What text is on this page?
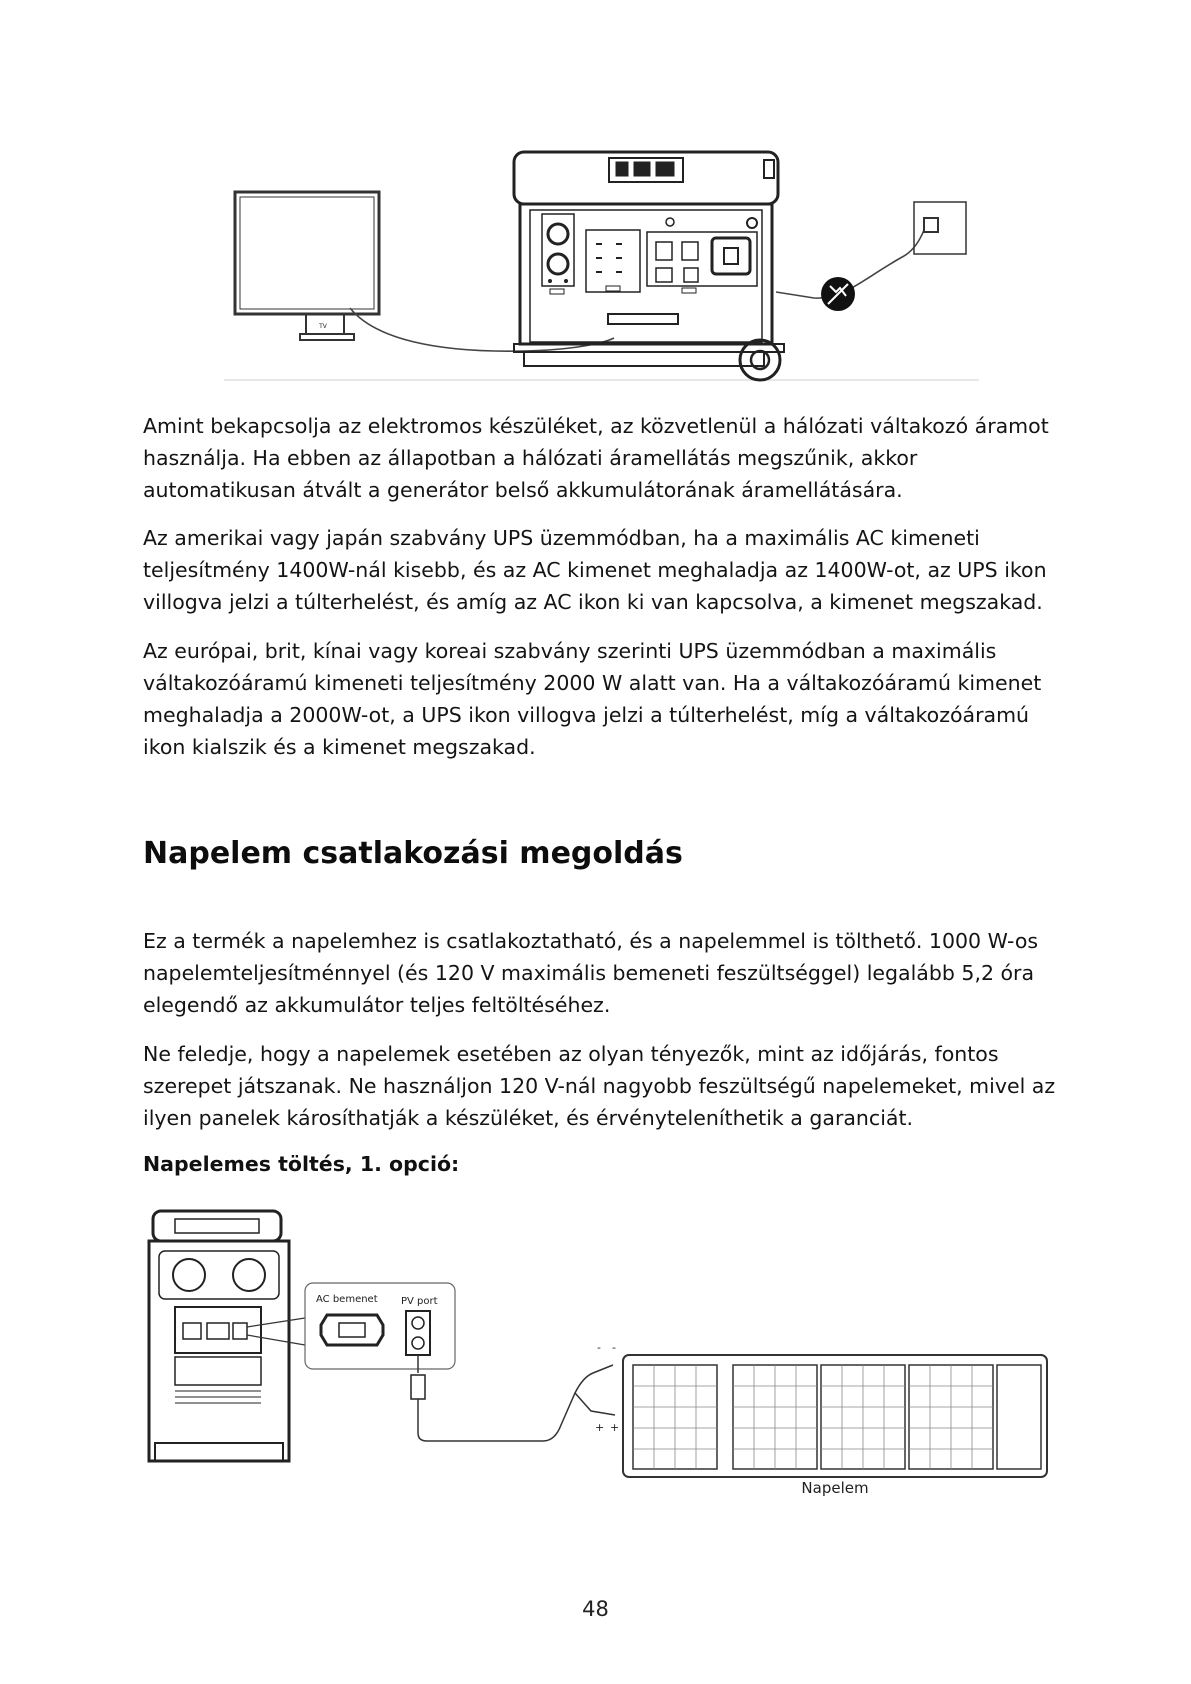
TV

Amint bekapcsolja az elektromos készüléket, az közvetlenül a hálózati váltakozó áramot használja. Ha ebben az állapotban a hálózati áramellátás megszűnik, akkor automatikusan átvált a generátor belső akkumulátorának áramellátására.

Az amerikai vagy japán szabvány UPS üzemmódban, ha a maximális AC kimeneti teljesítmény 1400W-nál kisebb, és az AC kimenet meghaladja az 1400W-ot, az UPS ikon villogva jelzi a túlterhelést, és amíg az AC ikon ki van kapcsolva, a kimenet megszakad.

Az európai, brit, kínai vagy koreai szabvány szerinti UPS üzemmódban a maximális váltakozóáramú kimeneti teljesítmény 2000 W alatt van. Ha a váltakozóáramú kimenet meghaladja a 2000W-ot, a UPS ikon villogva jelzi a túlterhelést, míg a váltakozóáramú ikon kialszik és a kimenet megszakad.

Napelem csatlakozási megoldás

Ez a termék a napelemhez is csatlakoztatható, és a napelemmel is tölthető. 1000 W-os napelemteljesítménnyel (és 120 V maximális bemeneti feszültséggel) legalább 5,2 óra elegendő az akkumulátor teljes feltöltéséhez.

Ne feledje, hogy a napelemek esetében az olyan tényezők, mint az időjárás, fontos szerepet játszanak. Ne használjon 120 V-nál nagyobb feszültségű napelemeket, mivel az ilyen panelek károsíthatják a készüléket, és érvényteleníthetik a garanciát.

Napelemes töltés, 1. opció:
AC bemenet PV port
- -
+ +
Napelem

48
